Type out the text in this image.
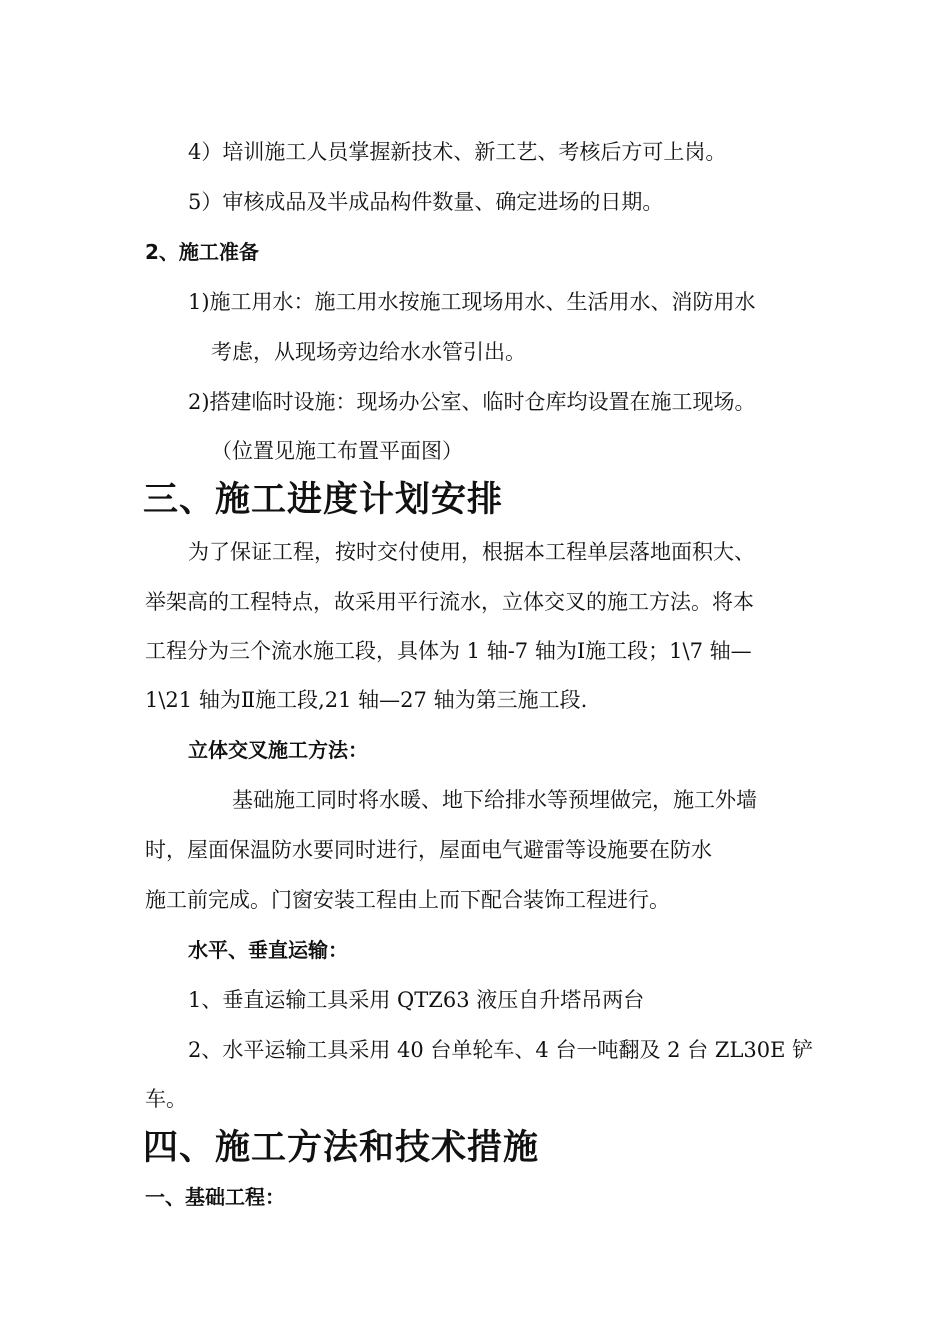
4）培训施工人员掌握新技术、新工艺、考核后方可上岗。
5）审核成品及半成品构件数量、确定进场的日期。
2、施工准备
1)施工用水：施工用水按施工现场用水、生活用水、消防用水
考虑，从现场旁边给水水管引出。
2)搭建临时设施：现场办公室、临时仓库均设置在施工现场。
（位置见施工布置平面图）
三、施工进度计划安排
为了保证工程，按时交付使用，根据本工程单层落地面积大、
举架高的工程特点，故采用平行流水，立体交叉的施工方法。将本
工程分为三个流水施工段，具体为 1 轴-7 轴为Ⅰ施工段；1\7 轴—
1\21 轴为Ⅱ施工段,21 轴—27 轴为第三施工段.
立体交叉施工方法：
基础施工同时将水暖、地下给排水等预埋做完，施工外墙
时，屋面保温防水要同时进行，屋面电气避雷等设施要在防水
施工前完成。门窗安装工程由上而下配合装饰工程进行。
水平、垂直运输：
1、垂直运输工具采用 QTZ63 液压自升塔吊两台
2、水平运输工具采用 40 台单轮车、4 台一吨翻及 2 台 ZL30E 铲
车。
四、施工方法和技术措施
一、基础工程：
